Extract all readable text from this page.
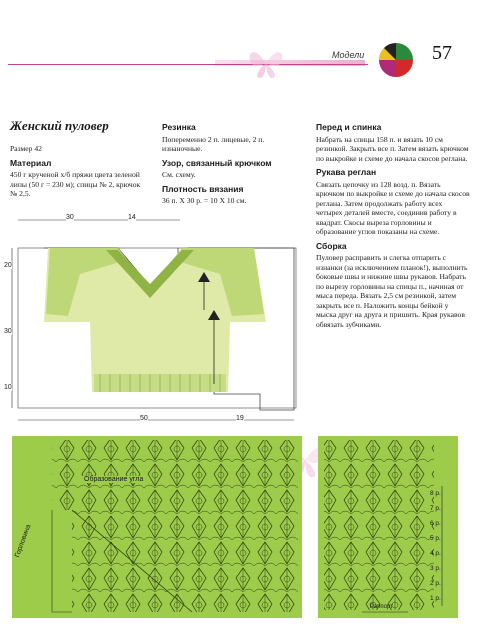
Модели	57
Женский пуловер
Размер 42
Материал
450 г крученой х/б пряжи цвета зеленой липы (50 г = 230 м); спицы № 2, крючок № 2,5.
Резинка
Попеременно 2 п. лицевые, 2 п. изнаночные.
Узор, связанный крючком
См. схему.
Плотность вязания
36 п. X 30 р. = 10 X 10 см.
Перед и спинка
Набрать на спицы 158 п. и вязать 10 см резинкой. Закрыть все п. Затем вязать крючком по выкройке и схеме до начала скосов реглана.
Рукава реглан
Связать цепочку из 128 возд. п. Вязать крючком по выкройке и схеме до начала скосов реглана. Затем продолжать работу всех четырех деталей вместе, соединив работу в квадрат. Скосы выреза горловины и образование углов показаны на схеме.
Сборка
Пуловер расправить и слегка отпарить с изнанки (за исключением планок!), выполнить боковые швы и нижние швы рукавов. Набрать по вырезу горловины на спицы п., начиная от мыса переда. Вязать 2,5 см резинкой, затем закрыть все п. Наложить концы бейкой у мыска друг на друга и пришить. Края рукавов обвязать зубчиками.
30	14
20
30
10
50	19
Образование угла
Горловина
8 р.
7 р.
6 р.
5 р.
4 р.
3 р.
2 р.
1 р.
Раппорт
